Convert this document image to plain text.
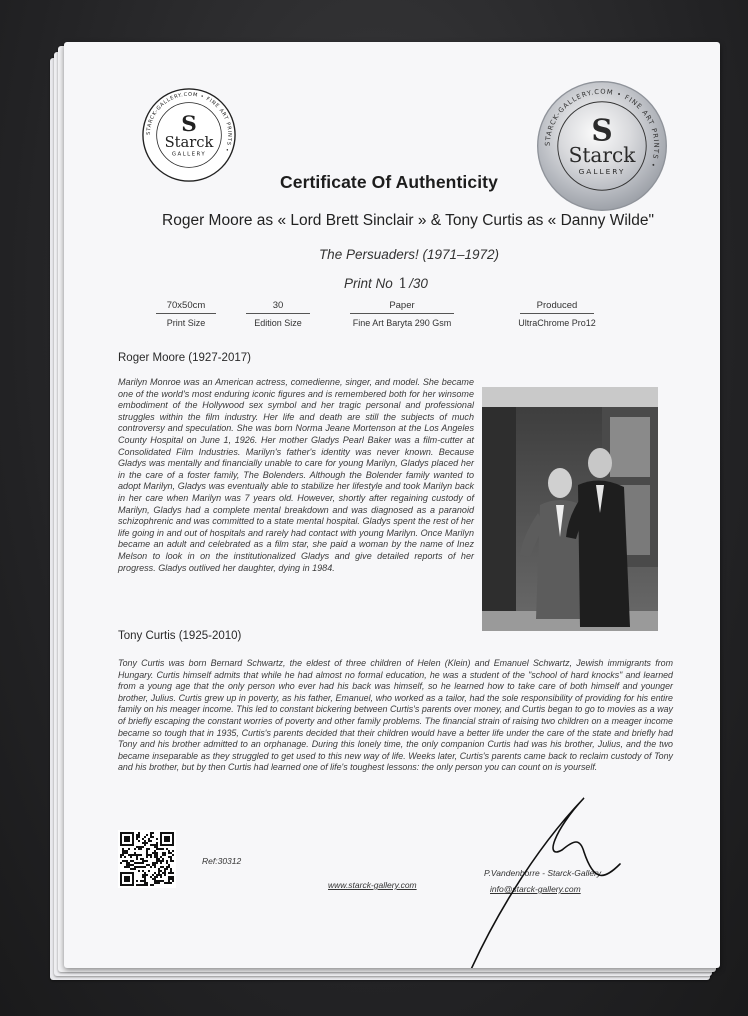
STARCK-GALLERY.COM • FINE ART PRINTS •
S
Starck
GALLERY
STARCK-GALLERY.COM • FINE ART PRINTS •
S
Starck
GALLERY
Certificate Of Authenticity
Roger Moore as « Lord Brett Sinclair » & Tony Curtis as « Danny Wilde"
The Persuaders! (1971–1972)
Print No 1 /30
70x50cm
Print Size
30
Edition Size
Paper
Fine Art Baryta 290 Gsm
Produced
UltraChrome Pro12
Roger Moore (1927-2017)
Marilyn Monroe was an American actress, comedienne, singer, and model. She became one of the world's most enduring iconic figures and is remembered both for her winsome embodiment of the Hollywood sex symbol and her tragic personal and professional struggles within the film industry. Her life and death are still the subjects of much controversy and speculation. She was born Norma Jeane Mortenson at the Los Angeles County Hospital on June 1, 1926. Her mother Gladys Pearl Baker was a film-cutter at Consolidated Film Industries. Marilyn's father's identity was never known. Because Gladys was mentally and financially unable to care for young Marilyn, Gladys placed her in the care of a foster family, The Bolenders. Although the Bolender family wanted to adopt Marilyn, Gladys was eventually able to stabilize her lifestyle and took Marilyn back in her care when Marilyn was 7 years old. However, shortly after regaining custody of Marilyn, Gladys had a complete mental breakdown and was diagnosed as a paranoid schizophrenic and was committed to a state mental hospital. Gladys spent the rest of her life going in and out of hospitals and rarely had contact with young Marilyn. Once Marilyn became an adult and celebrated as a film star, she paid a woman by the name of Inez Melson to look in on the institutionalized Gladys and give detailed reports of her progress. Gladys outlived her daughter, dying in 1984.
Tony Curtis (1925-2010)
Tony Curtis was born Bernard Schwartz, the eldest of three children of Helen (Klein) and Emanuel Schwartz, Jewish immigrants from Hungary. Curtis himself admits that while he had almost no formal education, he was a student of the "school of hard knocks" and learned from a young age that the only person who ever had his back was himself, so he learned how to take care of both himself and younger brother, Julius. Curtis grew up in poverty, as his father, Emanuel, who worked as a tailor, had the sole responsibility of providing for his entire family on his meager income. This led to constant bickering between Curtis's parents over money, and Curtis began to go to movies as a way of briefly escaping the constant worries of poverty and other family problems. The financial strain of raising two children on a meager income became so tough that in 1935, Curtis's parents decided that their children would have a better life under the care of the state and briefly had Tony and his brother admitted to an orphanage. During this lonely time, the only companion Curtis had was his brother, Julius, and the two became inseparable as they struggled to get used to this new way of life. Weeks later, Curtis's parents came back to reclaim custody of Tony and his brother, but by then Curtis had learned one of life's toughest lessons: the only person you can count on is yourself.
Ref:30312
www.starck-gallery.com
P.Vandenborre - Starck-Gallery
info@starck-gallery.com
